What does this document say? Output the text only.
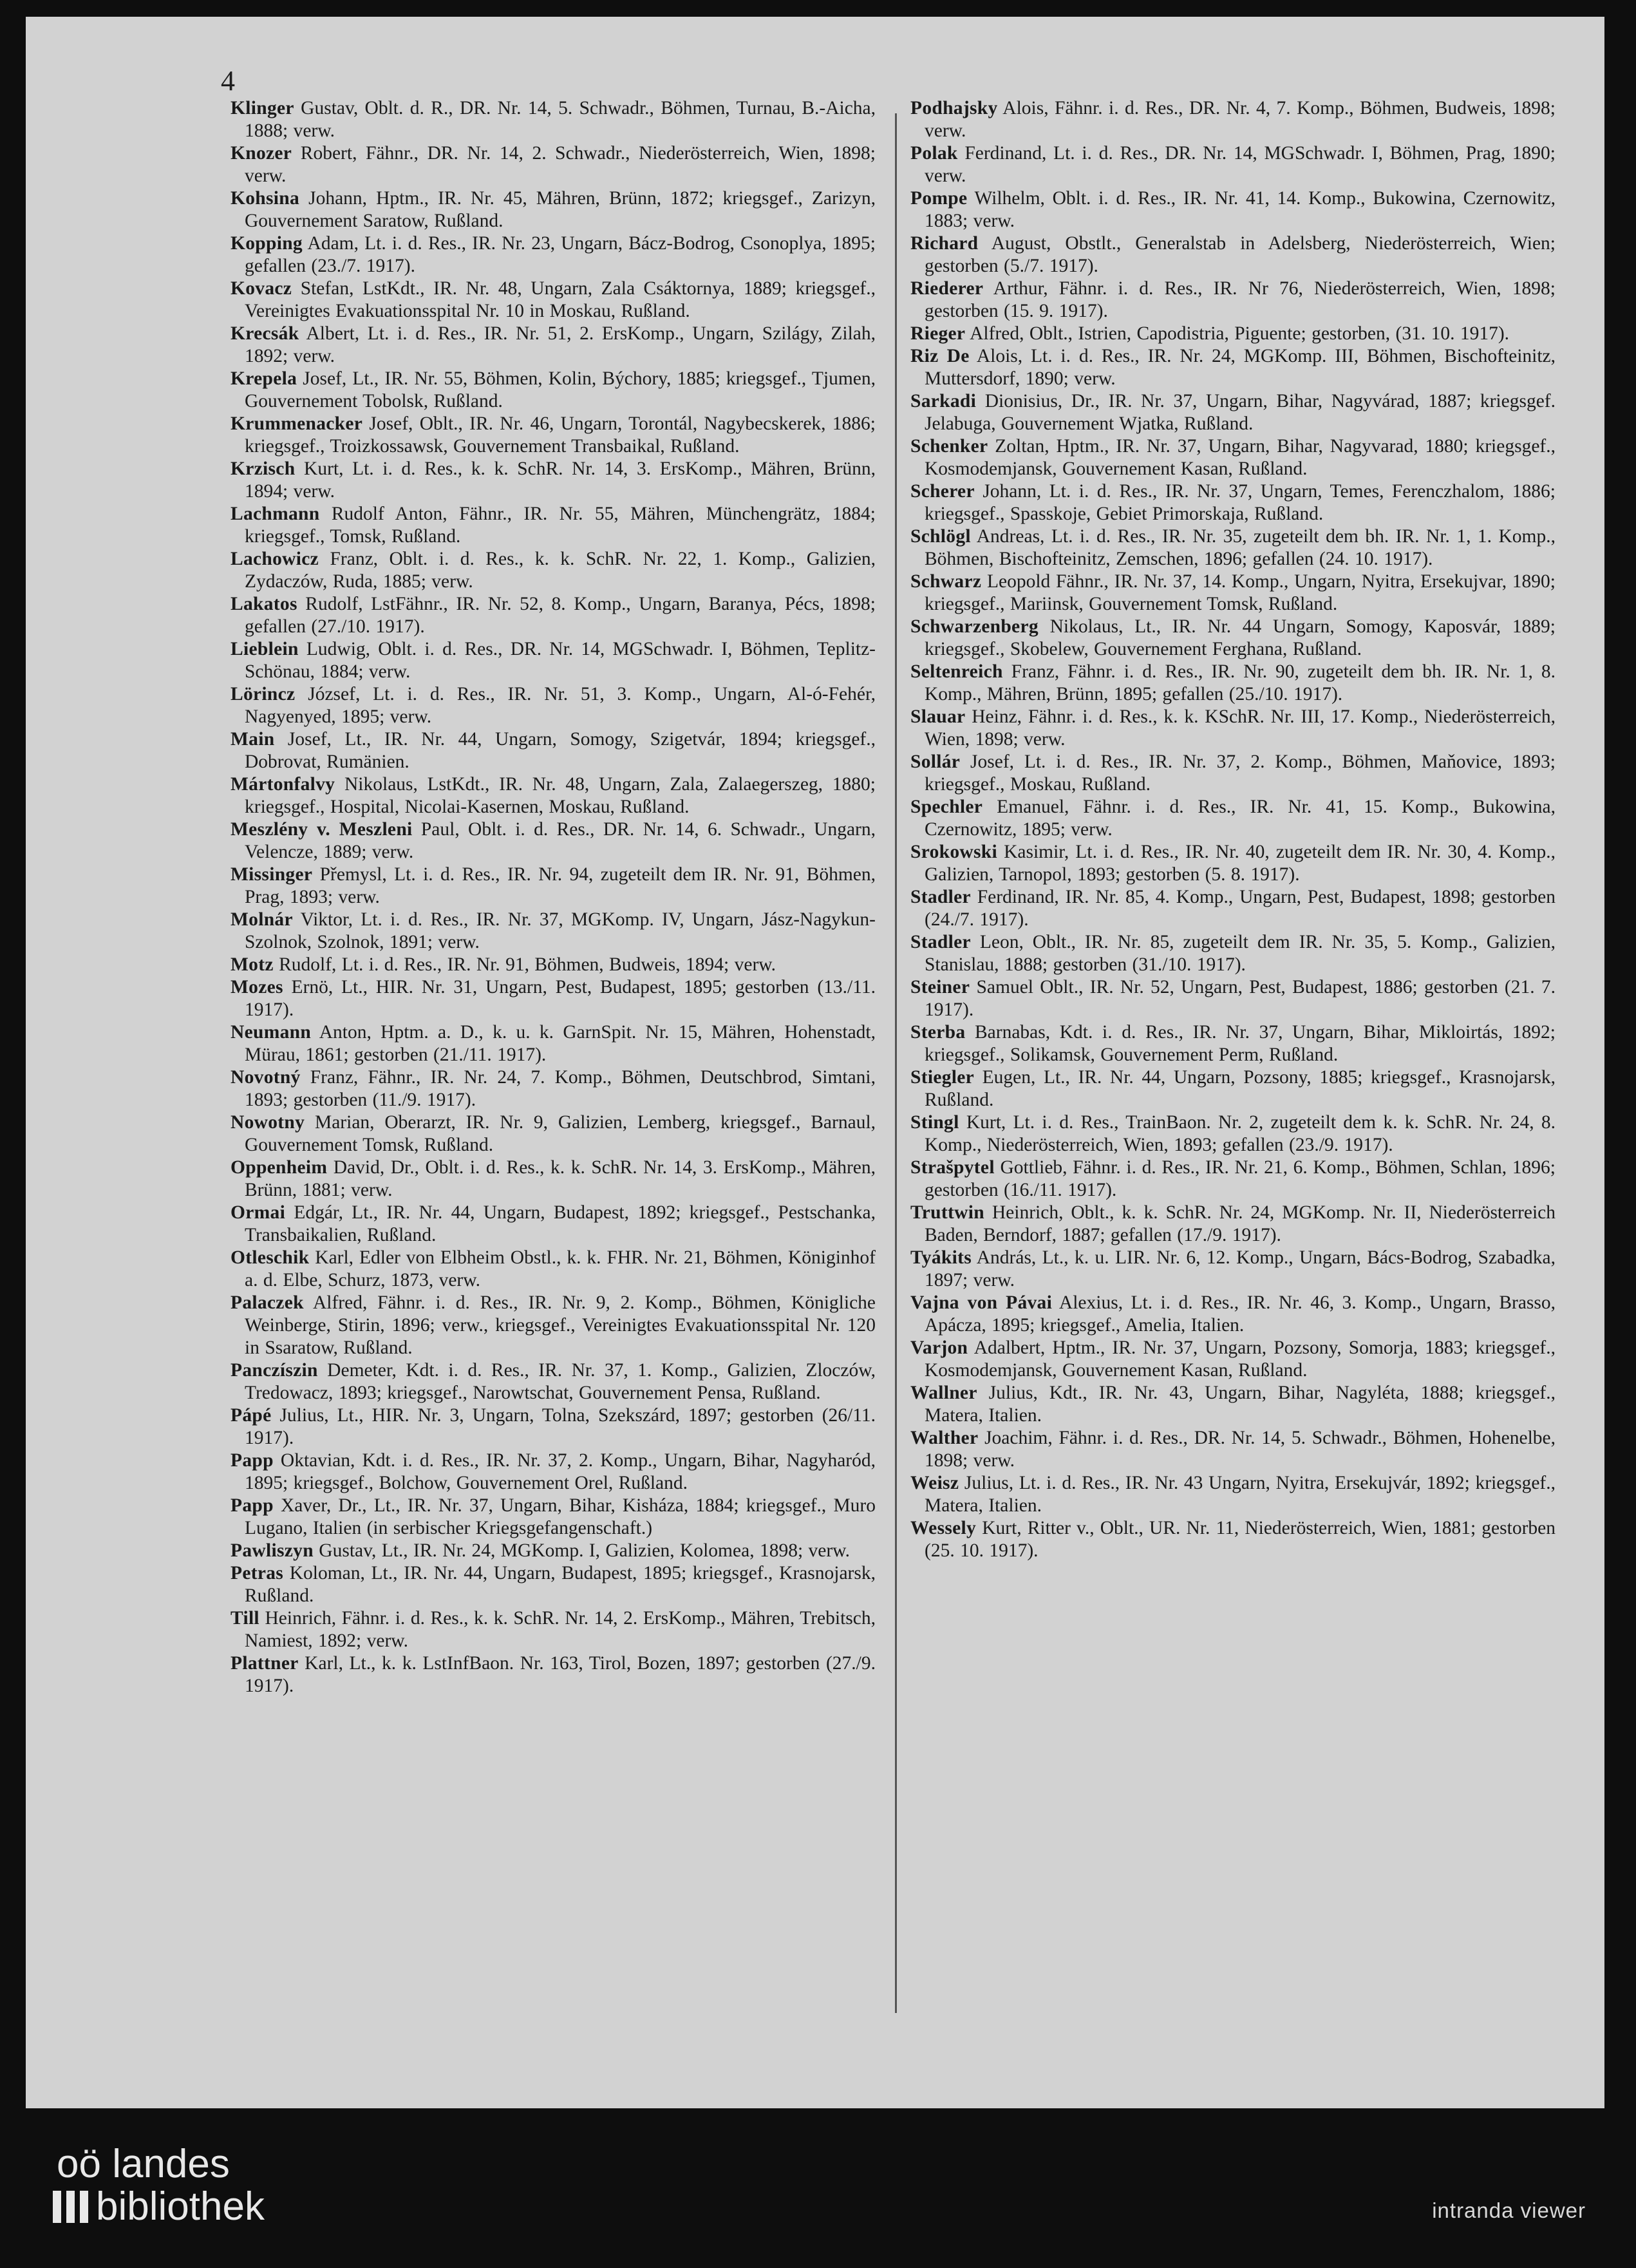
4

Klinger Gustav, Oblt. d. R., DR. Nr. 14, 5. Schwadr., Böhmen, Turnau, B.-Aicha, 1888; verw.

Knozer Robert, Fähnr., DR. Nr. 14, 2. Schwadr., Niederösterreich, Wien, 1898; verw.

Kohsina Johann, Hptm., IR. Nr. 45, Mähren, Brünn, 1872; kriegsgef., Zarizyn, Gouvernement Saratow, Rußland.

Kopping Adam, Lt. i. d. Res., IR. Nr. 23, Ungarn, Bácz-Bodrog, Csonoplya, 1895; gefallen (23./7. 1917).

Kovacz Stefan, LstKdt., IR. Nr. 48, Ungarn, Zala Csáktornya, 1889; kriegsgef., Vereinigtes Evakuationsspital Nr. 10 in Moskau, Rußland.

Krecsák Albert, Lt. i. d. Res., IR. Nr. 51, 2. ErsKomp., Ungarn, Szilágy, Zilah, 1892; verw.

Krepela Josef, Lt., IR. Nr. 55, Böhmen, Kolin, Býchory, 1885; kriegsgef., Tjumen, Gouvernement Tobolsk, Rußland.

Krummenacker Josef, Oblt., IR. Nr. 46, Ungarn, Torontál, Nagybecskerek, 1886; kriegsgef., Troizkossawsk, Gouvernement Transbaikal, Rußland.

Krzisch Kurt, Lt. i. d. Res., k. k. SchR. Nr. 14, 3. ErsKomp., Mähren, Brünn, 1894; verw.

Lachmann Rudolf Anton, Fähnr., IR. Nr. 55, Mähren, Münchengrätz, 1884; kriegsgef., Tomsk, Rußland.

Lachowicz Franz, Oblt. i. d. Res., k. k. SchR. Nr. 22, 1. Komp., Galizien, Zydaczów, Ruda, 1885; verw.

Lakatos Rudolf, LstFähnr., IR. Nr. 52, 8. Komp., Ungarn, Baranya, Pécs, 1898; gefallen (27./10. 1917).

Lieblein Ludwig, Oblt. i. d. Res., DR. Nr. 14, MGSchwadr. I, Böhmen, Teplitz-Schönau, 1884; verw.

Lörincz József, Lt. i. d. Res., IR. Nr. 51, 3. Komp., Ungarn, Al-ó-Fehér, Nagyenyed, 1895; verw.

Main Josef, Lt., IR. Nr. 44, Ungarn, Somogy, Szigetvár, 1894; kriegsgef., Dobrovat, Rumänien.

Mártonfalvy Nikolaus, LstKdt., IR. Nr. 48, Ungarn, Zala, Zalaegerszeg, 1880; kriegsgef., Hospital, Nicolai-Kasernen, Moskau, Rußland.

Meszlény v. Meszleni Paul, Oblt. i. d. Res., DR. Nr. 14, 6. Schwadr., Ungarn, Velencze, 1889; verw.

Missinger Přemysl, Lt. i. d. Res., IR. Nr. 94, zugeteilt dem IR. Nr. 91, Böhmen, Prag, 1893; verw.

Molnár Viktor, Lt. i. d. Res., IR. Nr. 37, MGKomp. IV, Ungarn, Jász-Nagykun-Szolnok, Szolnok, 1891; verw.

Motz Rudolf, Lt. i. d. Res., IR. Nr. 91, Böhmen, Budweis, 1894; verw.

Mozes Ernö, Lt., HIR. Nr. 31, Ungarn, Pest, Budapest, 1895; gestorben (13./11. 1917).

Neumann Anton, Hptm. a. D., k. u. k. GarnSpit. Nr. 15, Mähren, Hohenstadt, Mürau, 1861; gestorben (21./11. 1917).

Novotný Franz, Fähnr., IR. Nr. 24, 7. Komp., Böhmen, Deutschbrod, Simtani, 1893; gestorben (11./9. 1917).

Nowotny Marian, Oberarzt, IR. Nr. 9, Galizien, Lemberg, kriegsgef., Barnaul, Gouvernement Tomsk, Rußland.

Oppenheim David, Dr., Oblt. i. d. Res., k. k. SchR. Nr. 14, 3. ErsKomp., Mähren, Brünn, 1881; verw.

Ormai Edgár, Lt., IR. Nr. 44, Ungarn, Budapest, 1892; kriegsgef., Pestschanka, Transbaikalien, Rußland.

Otleschik Karl, Edler von Elbheim Obstl., k. k. FHR. Nr. 21, Böhmen, Königinhof a. d. Elbe, Schurz, 1873, verw.

Palaczek Alfred, Fähnr. i. d. Res., IR. Nr. 9, 2. Komp., Böhmen, Königliche Weinberge, Stirin, 1896; verw., kriegsgef., Vereinigtes Evakuationsspital Nr. 120 in Ssaratow, Rußland.

Panczíszin Demeter, Kdt. i. d. Res., IR. Nr. 37, 1. Komp., Galizien, Zloczów, Tredowacz, 1893; kriegsgef., Narowtschat, Gouvernement Pensa, Rußland.

Pápé Julius, Lt., HIR. Nr. 3, Ungarn, Tolna, Szekszárd, 1897; gestorben (26/11. 1917).

Papp Oktavian, Kdt. i. d. Res., IR. Nr. 37, 2. Komp., Ungarn, Bihar, Nagyharód, 1895; kriegsgef., Bolchow, Gouvernement Orel, Rußland.

Papp Xaver, Dr., Lt., IR. Nr. 37, Ungarn, Bihar, Kisháza, 1884; kriegsgef., Muro Lugano, Italien (in serbischer Kriegsgefangenschaft.)

Pawliszyn Gustav, Lt., IR. Nr. 24, MGKomp. I, Galizien, Kolomea, 1898; verw.

Petras Koloman, Lt., IR. Nr. 44, Ungarn, Budapest, 1895; kriegsgef., Krasnojarsk, Rußland.

Till Heinrich, Fähnr. i. d. Res., k. k. SchR. Nr. 14, 2. ErsKomp., Mähren, Trebitsch, Namiest, 1892; verw.

Plattner Karl, Lt., k. k. LstInfBaon. Nr. 163, Tirol, Bozen, 1897; gestorben (27./9. 1917).

Podhajsky Alois, Fähnr. i. d. Res., DR. Nr. 4, 7. Komp., Böhmen, Budweis, 1898; verw.

Polak Ferdinand, Lt. i. d. Res., DR. Nr. 14, MGSchwadr. I, Böhmen, Prag, 1890; verw.

Pompe Wilhelm, Oblt. i. d. Res., IR. Nr. 41, 14. Komp., Bukowina, Czernowitz, 1883; verw.

Richard August, Obstlt., Generalstab in Adelsberg, Niederösterreich, Wien; gestorben (5./7. 1917).

Riederer Arthur, Fähnr. i. d. Res., IR. Nr 76, Niederösterreich, Wien, 1898; gestorben (15. 9. 1917).

Rieger Alfred, Oblt., Istrien, Capodistria, Piguente; gestorben, (31. 10. 1917).

Riz De Alois, Lt. i. d. Res., IR. Nr. 24, MGKomp. III, Böhmen, Bischofteinitz, Muttersdorf, 1890; verw.

Sarkadi Dionisius, Dr., IR. Nr. 37, Ungarn, Bihar, Nagyvárad, 1887; kriegsgef. Jelabuga, Gouvernement Wjatka, Rußland.

Schenker Zoltan, Hptm., IR. Nr. 37, Ungarn, Bihar, Nagyvarad, 1880; kriegsgef., Kosmodemjansk, Gouvernement Kasan, Rußland.

Scherer Johann, Lt. i. d. Res., IR. Nr. 37, Ungarn, Temes, Ferenczhalom, 1886; kriegsgef., Spasskoje, Gebiet Primorskaja, Rußland.

Schlögl Andreas, Lt. i. d. Res., IR. Nr. 35, zugeteilt dem bh. IR. Nr. 1, 1. Komp., Böhmen, Bischofteinitz, Zemschen, 1896; gefallen (24. 10. 1917).

Schwarz Leopold Fähnr., IR. Nr. 37, 14. Komp., Ungarn, Nyitra, Ersekujvar, 1890; kriegsgef., Mariinsk, Gouvernement Tomsk, Rußland.

Schwarzenberg Nikolaus, Lt., IR. Nr. 44 Ungarn, Somogy, Kaposvár, 1889; kriegsgef., Skobelew, Gouvernement Ferghana, Rußland.

Seltenreich Franz, Fähnr. i. d. Res., IR. Nr. 90, zugeteilt dem bh. IR. Nr. 1, 8. Komp., Mähren, Brünn, 1895; gefallen (25./10. 1917).

Slauar Heinz, Fähnr. i. d. Res., k. k. KSchR. Nr. III, 17. Komp., Niederösterreich, Wien, 1898; verw.

Sollár Josef, Lt. i. d. Res., IR. Nr. 37, 2. Komp., Böhmen, Maňovice, 1893; kriegsgef., Moskau, Rußland.

Spechler Emanuel, Fähnr. i. d. Res., IR. Nr. 41, 15. Komp., Bukowina, Czernowitz, 1895; verw.

Srokowski Kasimir, Lt. i. d. Res., IR. Nr. 40, zugeteilt dem IR. Nr. 30, 4. Komp., Galizien, Tarnopol, 1893; gestorben (5. 8. 1917).

Stadler Ferdinand, IR. Nr. 85, 4. Komp., Ungarn, Pest, Budapest, 1898; gestorben (24./7. 1917).

Stadler Leon, Oblt., IR. Nr. 85, zugeteilt dem IR. Nr. 35, 5. Komp., Galizien, Stanislau, 1888; gestorben (31./10. 1917).

Steiner Samuel Oblt., IR. Nr. 52, Ungarn, Pest, Budapest, 1886; gestorben (21. 7. 1917).

Sterba Barnabas, Kdt. i. d. Res., IR. Nr. 37, Ungarn, Bihar, Mikloirtás, 1892; kriegsgef., Solikamsk, Gouvernement Perm, Rußland.

Stiegler Eugen, Lt., IR. Nr. 44, Ungarn, Pozsony, 1885; kriegsgef., Krasnojarsk, Rußland.

Stingl Kurt, Lt. i. d. Res., TrainBaon. Nr. 2, zugeteilt dem k. k. SchR. Nr. 24, 8. Komp., Niederösterreich, Wien, 1893; gefallen (23./9. 1917).

Strašpytel Gottlieb, Fähnr. i. d. Res., IR. Nr. 21, 6. Komp., Böhmen, Schlan, 1896; gestorben (16./11. 1917).

Truttwin Heinrich, Oblt., k. k. SchR. Nr. 24, MGKomp. Nr. II, Niederösterreich Baden, Berndorf, 1887; gefallen (17./9. 1917).

Tyákits András, Lt., k. u. LIR. Nr. 6, 12. Komp., Ungarn, Bács-Bodrog, Szabadka, 1897; verw.

Vajna von Pávai Alexius, Lt. i. d. Res., IR. Nr. 46, 3. Komp., Ungarn, Brasso, Apácza, 1895; kriegsgef., Amelia, Italien.

Varjon Adalbert, Hptm., IR. Nr. 37, Ungarn, Pozsony, Somorja, 1883; kriegsgef., Kosmodemjansk, Gouvernement Kasan, Rußland.

Wallner Julius, Kdt., IR. Nr. 43, Ungarn, Bihar, Nagyléta, 1888; kriegsgef., Matera, Italien.

Walther Joachim, Fähnr. i. d. Res., DR. Nr. 14, 5. Schwadr., Böhmen, Hohenelbe, 1898; verw.

Weisz Julius, Lt. i. d. Res., IR. Nr. 43 Ungarn, Nyitra, Ersekujvár, 1892; kriegsgef., Matera, Italien.

Wessely Kurt, Ritter v., Oblt., UR. Nr. 11, Niederösterreich, Wien, 1881; gestorben (25. 10. 1917).

oö landes
bibliothek	intranda viewer
